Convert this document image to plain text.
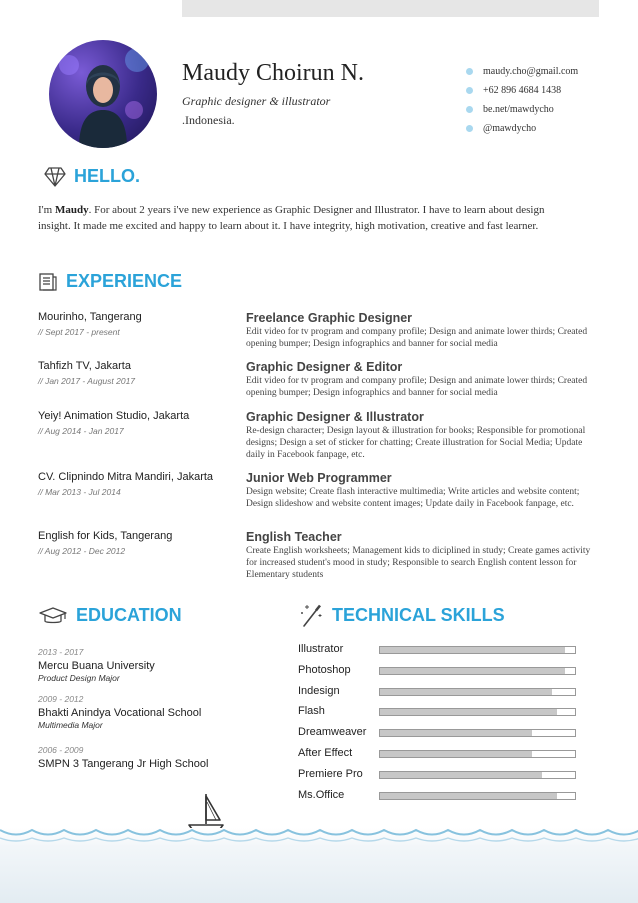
Maudy Choirun N.
Graphic designer & illustrator
.Indonesia.
maudy.cho@gmail.com
+62 896 4684 1438
be.net/mawdycho
@mawdycho
HELLO.
I'm Maudy. For about 2 years i've new experience as Graphic Designer and Illustrator. I have to learn about design insight. It made me excited and happy to learn about it. I have integrity, high motivation, creative and fast learner.
EXPERIENCE
Mourinho, Tangerang
// Sept 2017 - present
Freelance Graphic Designer
Edit video for tv program and company profile; Design and animate lower thirds; Created opening bumper; Design infographics and banner for social media
Tahfizh TV, Jakarta
// Jan 2017 - August 2017
Graphic Designer & Editor
Edit video for tv program and company profile; Design and animate lower thirds; Created opening bumper; Design infographics and banner for social media
Yeiy! Animation Studio, Jakarta
// Aug 2014 - Jan 2017
Graphic Designer & Illustrator
Re-design character; Design layout & illustration for books; Responsible for promotional designs; Design a set of sticker for chatting; Create illustration for Social Media; Update daily in Facebook fanpage, etc.
CV. Clipnindo Mitra Mandiri, Jakarta
// Mar 2013 - Jul 2014
Junior Web Programmer
Design website; Create flash interactive multimedia; Write articles and website content; Design slideshow and website content images; Update daily in Facebook fanpage, etc.
English for Kids, Tangerang
// Aug 2012 - Dec 2012
English Teacher
Create English worksheets; Management kids to diciplined in study; Create games activity for increased student's mood in study; Responsible to search English content lesson for Elementary students
EDUCATION
2013 - 2017
Mercu Buana University
Product Design Major
2009 - 2012
Bhakti Anindya Vocational School
Multimedia Major
2006 - 2009
SMPN 3 Tangerang Jr High School
TECHNICAL SKILLS
Illustrator
Photoshop
Indesign
Flash
Dreamweaver
After Effect
Premiere Pro
Ms.Office
